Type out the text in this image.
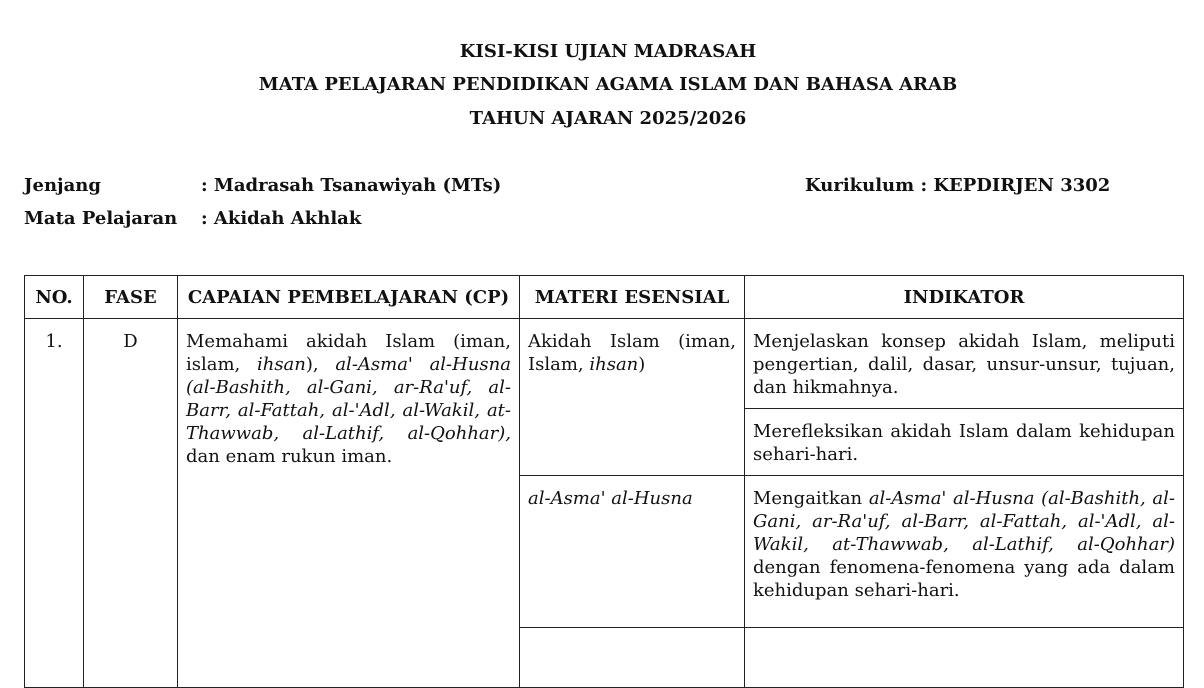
KISI-KISI UJIAN MADRASAH
MATA PELAJARAN PENDIDIKAN AGAMA ISLAM DAN BAHASA ARAB
TAHUN AJARAN 2025/2026
Jenjang	: Madrasah Tsanawiyah (MTs)	Kurikulum : KEPDIRJEN 3302
Mata Pelajaran : Akidah Akhlak
NO.	FASE	CAPAIAN PEMBELAJARAN (CP)	MATERI ESENSIAL	INDIKATOR
1.	D	Memahami akidah Islam (iman, islam, ihsan), al-Asma' al-Husna (al-Bashith, al-Gani, ar-Ra'uf, al-Barr, al-Fattah, al-'Adl, al-Wakil, at-Thawwab, al-Lathif, al-Qohhar), dan enam rukun iman.	Akidah Islam (iman, Islam, ihsan)	Menjelaskan konsep akidah Islam, meliputi pengertian, dalil, dasar, unsur-unsur, tujuan, dan hikmahnya.
				Merefleksikan akidah Islam dalam kehidupan sehari-hari.
			al-Asma' al-Husna	Mengaitkan al-Asma' al-Husna (al-Bashith, al-Gani, ar-Ra'uf, al-Barr, al-Fattah, al-'Adl, al-Wakil, at-Thawwab, al-Lathif, al-Qohhar) dengan fenomena-fenomena yang ada dalam kehidupan sehari-hari.
